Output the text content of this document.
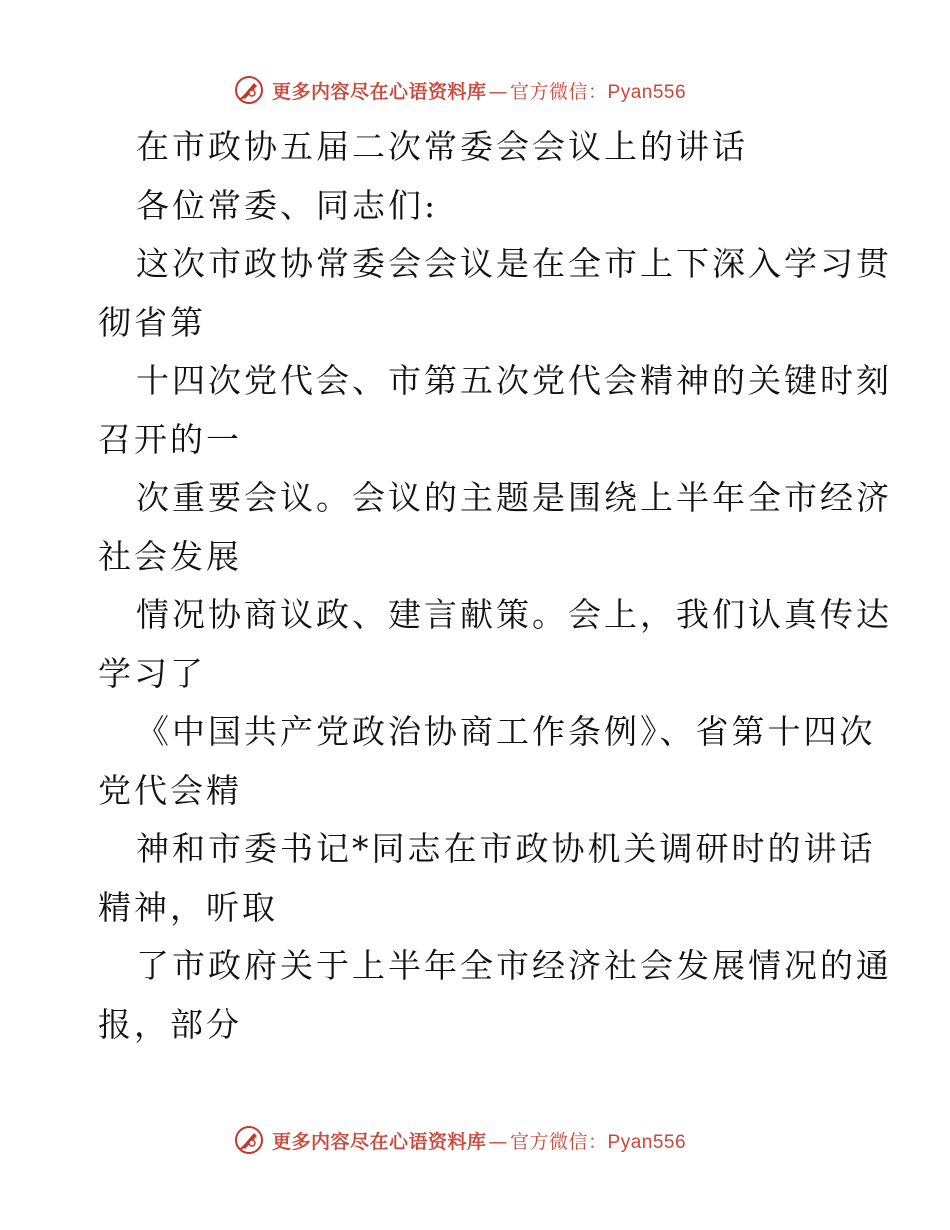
更多内容尽在心语资料库 — 官方微信：Pyan556
在市政协五届二次常委会会议上的讲话
各位常委、同志们:
这次市政协常委会会议是在全市上下深入学习贯
彻省第
十四次党代会、市第五次党代会精神的关键时刻
召开的一
次重要会议。会议的主题是围绕上半年全市经济
社会发展
情况协商议政、建言献策。会上，我们认真传达
学习了
《中国共产党政治协商工作条例》、省第十四次
党代会精
神和市委书记*同志在市政协机关调研时的讲话
精神，听取
了市政府关于上半年全市经济社会发展情况的通
报，部分
更多内容尽在心语资料库 — 官方微信：Pyan556
